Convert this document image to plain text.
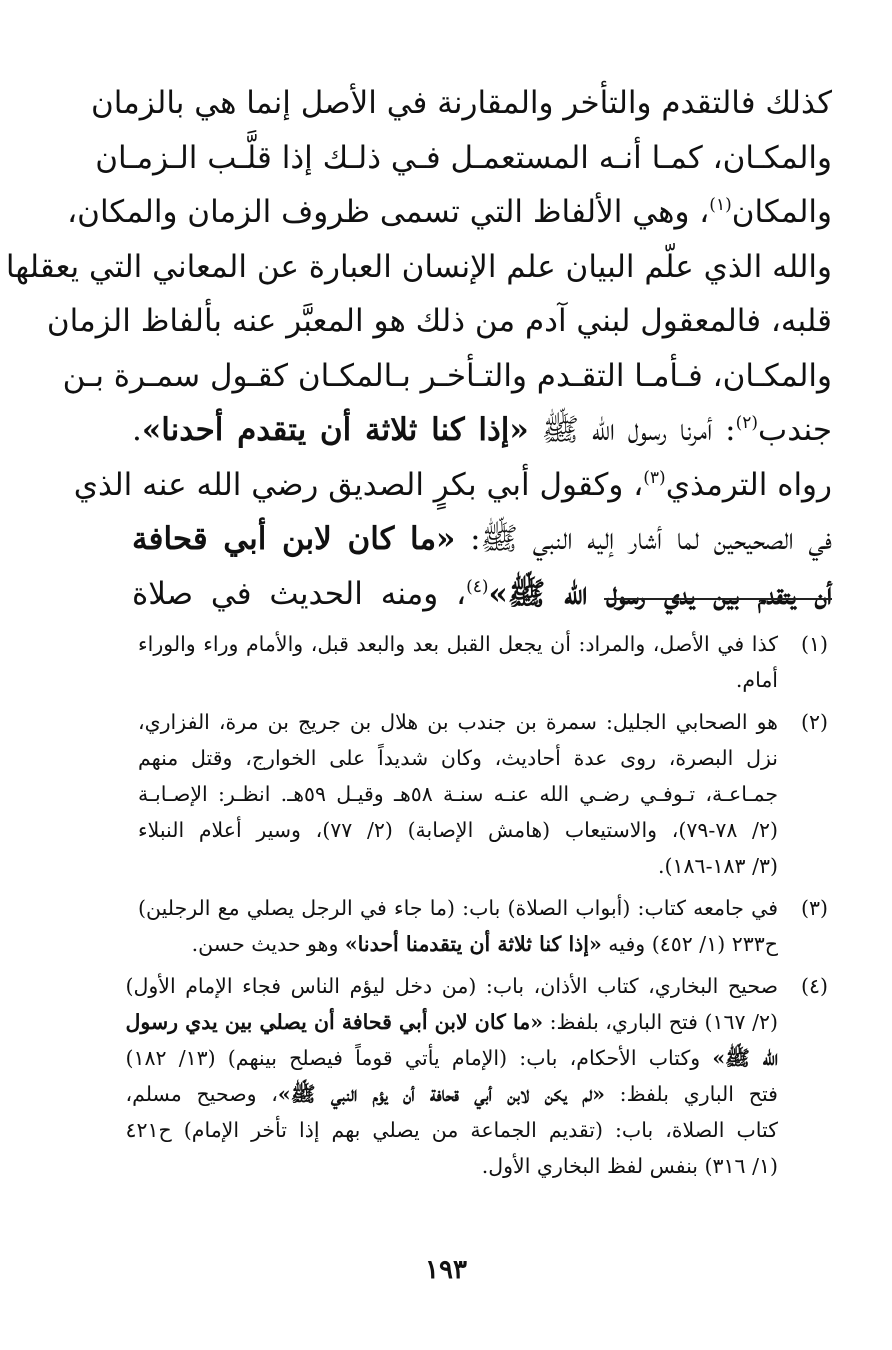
كذلك فالتقدم والتأخر والمقارنة في الأصل إنما هي بالزمان
والمكـان، كمـا أنـه المستعمـل فـي ذلـك إذا قلَّـب الـزمـان
والمكان$^{(١)}$، وهي الألفاظ التي تسمى ظروف الزمان والمكان،
والله الذي علّم البيان علم الإنسان العبارة عن المعاني التي يعقلها
قلبه، فالمعقول لبني آدم من ذلك هو المعبَّر عنه بألفاظ الزمان
والمكـان، فـأمـا التقـدم والتـأخـر بـالمكـان كقـول سمـرة بـن
جندب$^{(٢)}$: أمرنا رسول الله ﷺ «إذا كنا ثلاثة أن يتقدم أحدنا».
رواه الترمذي$^{(٣)}$، وكقول أبي بكرٍ الصديق رضي الله عنه الذي
في الصحيحين لما أشار إليه النبي ﷺ: «ما كان لابن أبي قحافة
أن يتقدم بين يدي رسول الله ﷺ»$^{(٤)}$، ومنه الحديث في صلاة
(١)
كذا في الأصل، والمراد: أن يجعل القبل بعد والبعد قبل، والأمام وراء والوراء
أمام.
(٢)
هو الصحابي الجليل: سمرة بن جندب بن هلال بن جريج بن مرة، الفزاري،
نزل البصرة، روى عدة أحاديث، وكان شديداً على الخوارج، وقتل منهم
جمـاعـة، تـوفـي رضـي الله عنـه سنـة ٥٨هـ وقيـل ٥٩هـ. انظـر: الإصـابـة
(٢/ ٧٨-٧٩)، والاستيعاب (هامش الإصابة) (٢/ ٧٧)، وسير أعلام النبلاء
(٣/ ١٨٣-١٨٦).
(٣)
في جامعه كتاب: (أبواب الصلاة) باب: (ما جاء في الرجل يصلي مع الرجلين)
ح٢٣٣ (١/ ٤٥٢) وفيه «إذا كنا ثلاثة أن يتقدمنا أحدنا» وهو حديث حسن.
(٤)
صحيح البخاري، كتاب الأذان، باب: (من دخل ليؤم الناس فجاء الإمام الأول)
(٢/ ١٦٧) فتح الباري، بلفظ: «ما كان لابن أبي قحافة أن يصلي بين يدي رسول
الله ﷺ» وكتاب الأحكام، باب: (الإمام يأتي قوماً فيصلح بينهم) (١٣/ ١٨٢)
فتح الباري بلفظ: «لم يكن لابن أبي قحافة أن يؤم النبي ﷺ»، وصحيح مسلم،
كتاب الصلاة، باب: (تقديم الجماعة من يصلي بهم إذا تأخر الإمام) ح٤٢١
(١/ ٣١٦) بنفس لفظ البخاري الأول.
١٩٣
